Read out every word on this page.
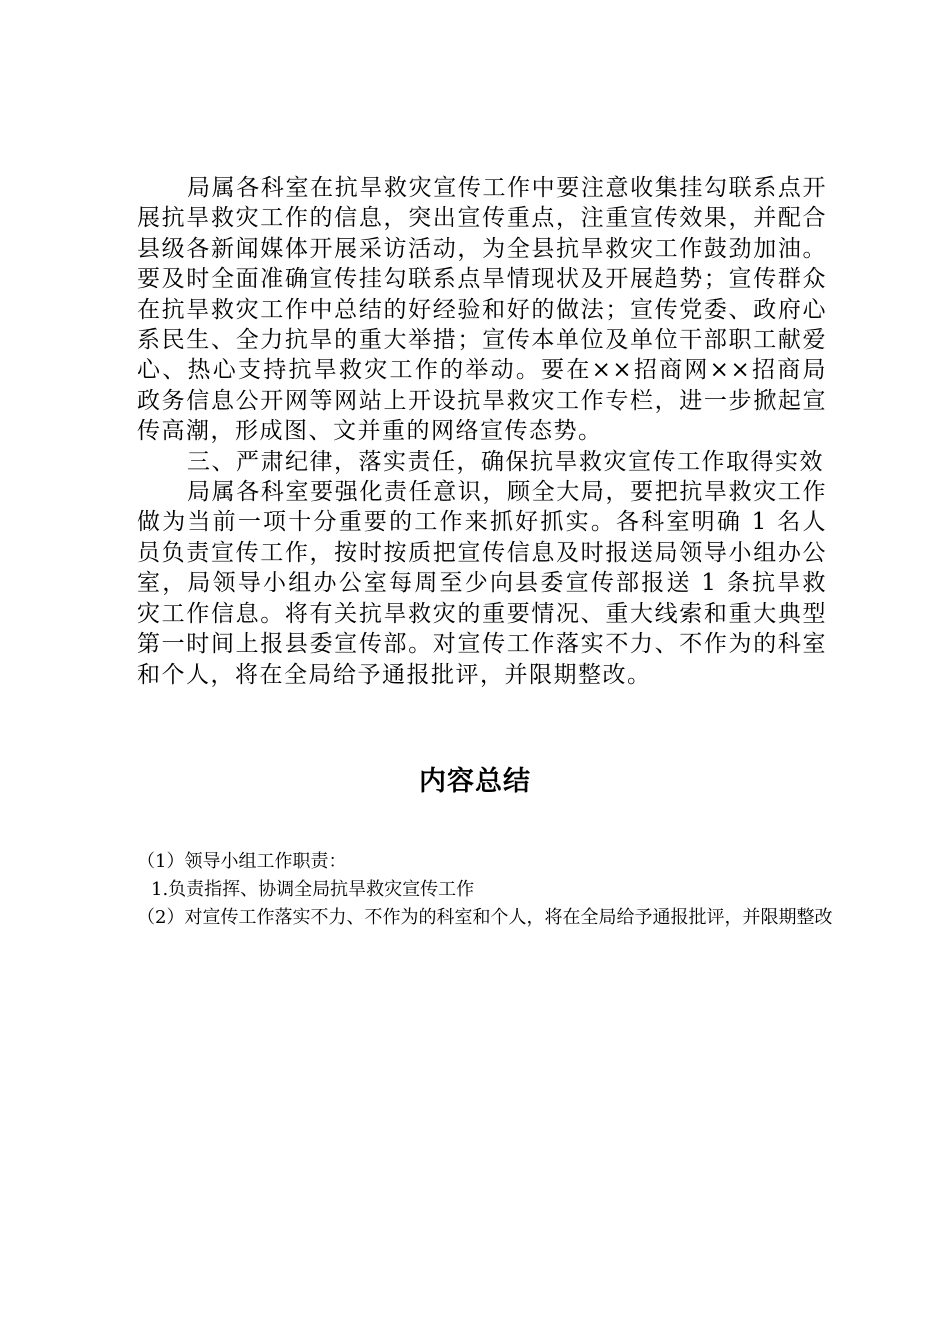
局属各科室在抗旱救灾宣传工作中要注意收集挂勾联系点开展抗旱救灾工作的信息，突出宣传重点，注重宣传效果，并配合县级各新闻媒体开展采访活动，为全县抗旱救灾工作鼓劲加油。要及时全面准确宣传挂勾联系点旱情现状及开展趋势；宣传群众在抗旱救灾工作中总结的好经验和好的做法；宣传党委、政府心系民生、全力抗旱的重大举措；宣传本单位及单位干部职工献爱心、热心支持抗旱救灾工作的举动。要在××招商网××招商局政务信息公开网等网站上开设抗旱救灾工作专栏，进一步掀起宣传高潮，形成图、文并重的网络宣传态势。

三、严肃纪律，落实责任，确保抗旱救灾宣传工作取得实效

局属各科室要强化责任意识，顾全大局，要把抗旱救灾工作做为当前一项十分重要的工作来抓好抓实。各科室明确 1 名人员负责宣传工作，按时按质把宣传信息及时报送局领导小组办公室，局领导小组办公室每周至少向县委宣传部报送 1 条抗旱救灾工作信息。将有关抗旱救灾的重要情况、重大线索和重大典型第一时间上报县委宣传部。对宣传工作落实不力、不作为的科室和个人，将在全局给予通报批评，并限期整改。

内容总结

（1）领导小组工作职责：

1.负责指挥、协调全局抗旱救灾宣传工作

（2）对宣传工作落实不力、不作为的科室和个人，将在全局给予通报批评，并限期整改
